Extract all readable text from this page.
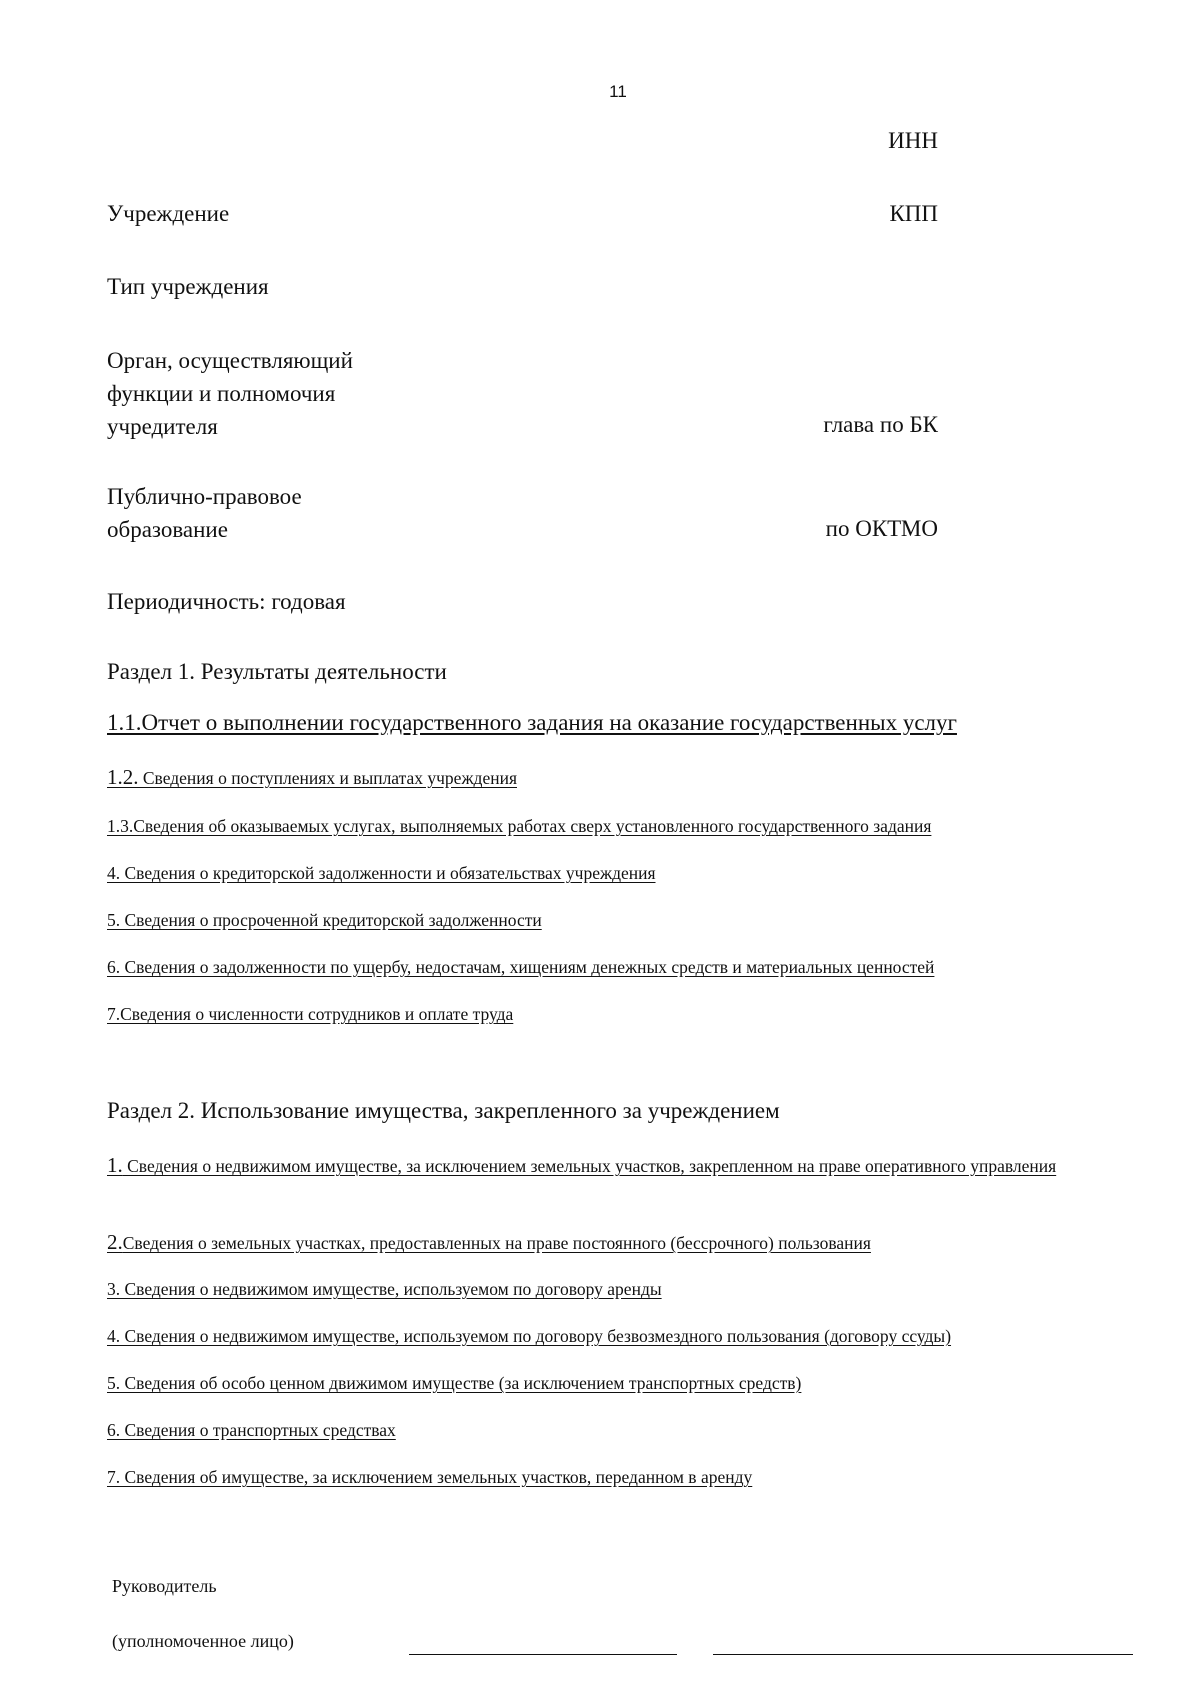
11
ИНН
Учреждение	КПП
Тип учреждения
Орган, осуществляющий функции и полномочия учредителя	глава по БК
Публично-правовое образование	по ОКТМО
Периодичность: годовая
Раздел 1. Результаты деятельности
1.1.Отчет о выполнении государственного задания на оказание государственных услуг
1.2. Сведения о поступлениях и выплатах учреждения
1.3.Сведения об оказываемых услугах, выполняемых работах сверх установленного государственного задания
4. Сведения о кредиторской задолженности и обязательствах учреждения
5. Сведения о просроченной кредиторской задолженности
6. Сведения о задолженности по ущербу, недостачам, хищениям денежных средств и материальных ценностей
7.Сведения о численности сотрудников и оплате труда
Раздел 2. Использование имущества, закрепленного за учреждением
1. Сведения о недвижимом имуществе, за исключением земельных участков, закрепленном на праве оперативного управления
2.Сведения о земельных участках, предоставленных на праве постоянного (бессрочного) пользования
3. Сведения о недвижимом имуществе, используемом по договору аренды
4. Сведения о недвижимом имуществе, используемом по договору безвозмездного пользования (договору ссуды)
5. Сведения об особо ценном движимом имуществе (за исключением транспортных средств)
6. Сведения о транспортных средствах
7. Сведения об имуществе, за исключением земельных участков, переданном в аренду
Руководитель
(уполномоченное лицо)
